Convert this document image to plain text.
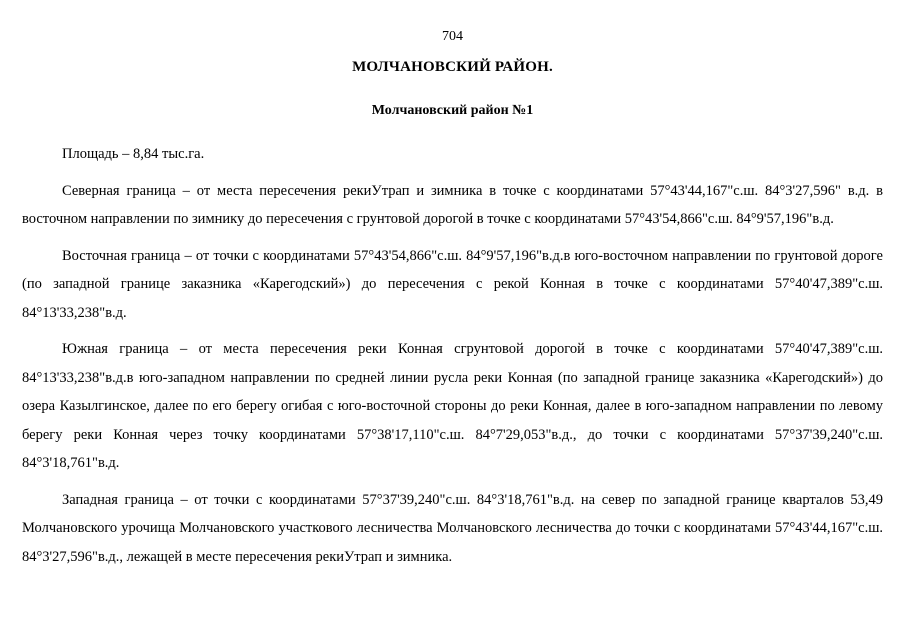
704
МОЛЧАНОВСКИЙ РАЙОН.
Молчановский район №1

Площадь – 8,84 тыс.га.

Северная граница – от места пересечения рекиУтрап и зимника в точке с координатами 57°43'44,167"с.ш. 84°3'27,596" в.д. в восточном направлении по зимнику до пересечения с грунтовой дорогой в точке с координатами 57°43'54,866"с.ш. 84°9'57,196"в.д.

Восточная граница – от точки с координатами 57°43'54,866"с.ш. 84°9'57,196"в.д.в юго-восточном направлении по грунтовой дороге (по западной границе заказника «Карегодский») до пересечения с рекой Конная в точке с координатами 57°40'47,389"с.ш. 84°13'33,238"в.д.

Южная граница – от места пересечения реки Конная сгрунтовой дорогой в точке с координатами 57°40'47,389"с.ш. 84°13'33,238"в.д.в юго-западном направлении по средней линии русла реки Конная (по западной границе заказника «Карегодский») до озера Казылгинское, далее по его берегу огибая с юго-восточной стороны до реки Конная, далее в юго-западном направлении по левому берегу реки Конная через точку координатами 57°38'17,110"с.ш. 84°7'29,053"в.д., до точки с координатами 57°37'39,240"с.ш. 84°3'18,761"в.д.

Западная граница – от точки с координатами 57°37'39,240"с.ш. 84°3'18,761"в.д. на север по западной границе кварталов 53,49 Молчановского урочища Молчановского участкового лесничества Молчановского лесничества до точки с координатами 57°43'44,167"с.ш. 84°3'27,596"в.д., лежащей в месте пересечения рекиУтрап и зимника.
